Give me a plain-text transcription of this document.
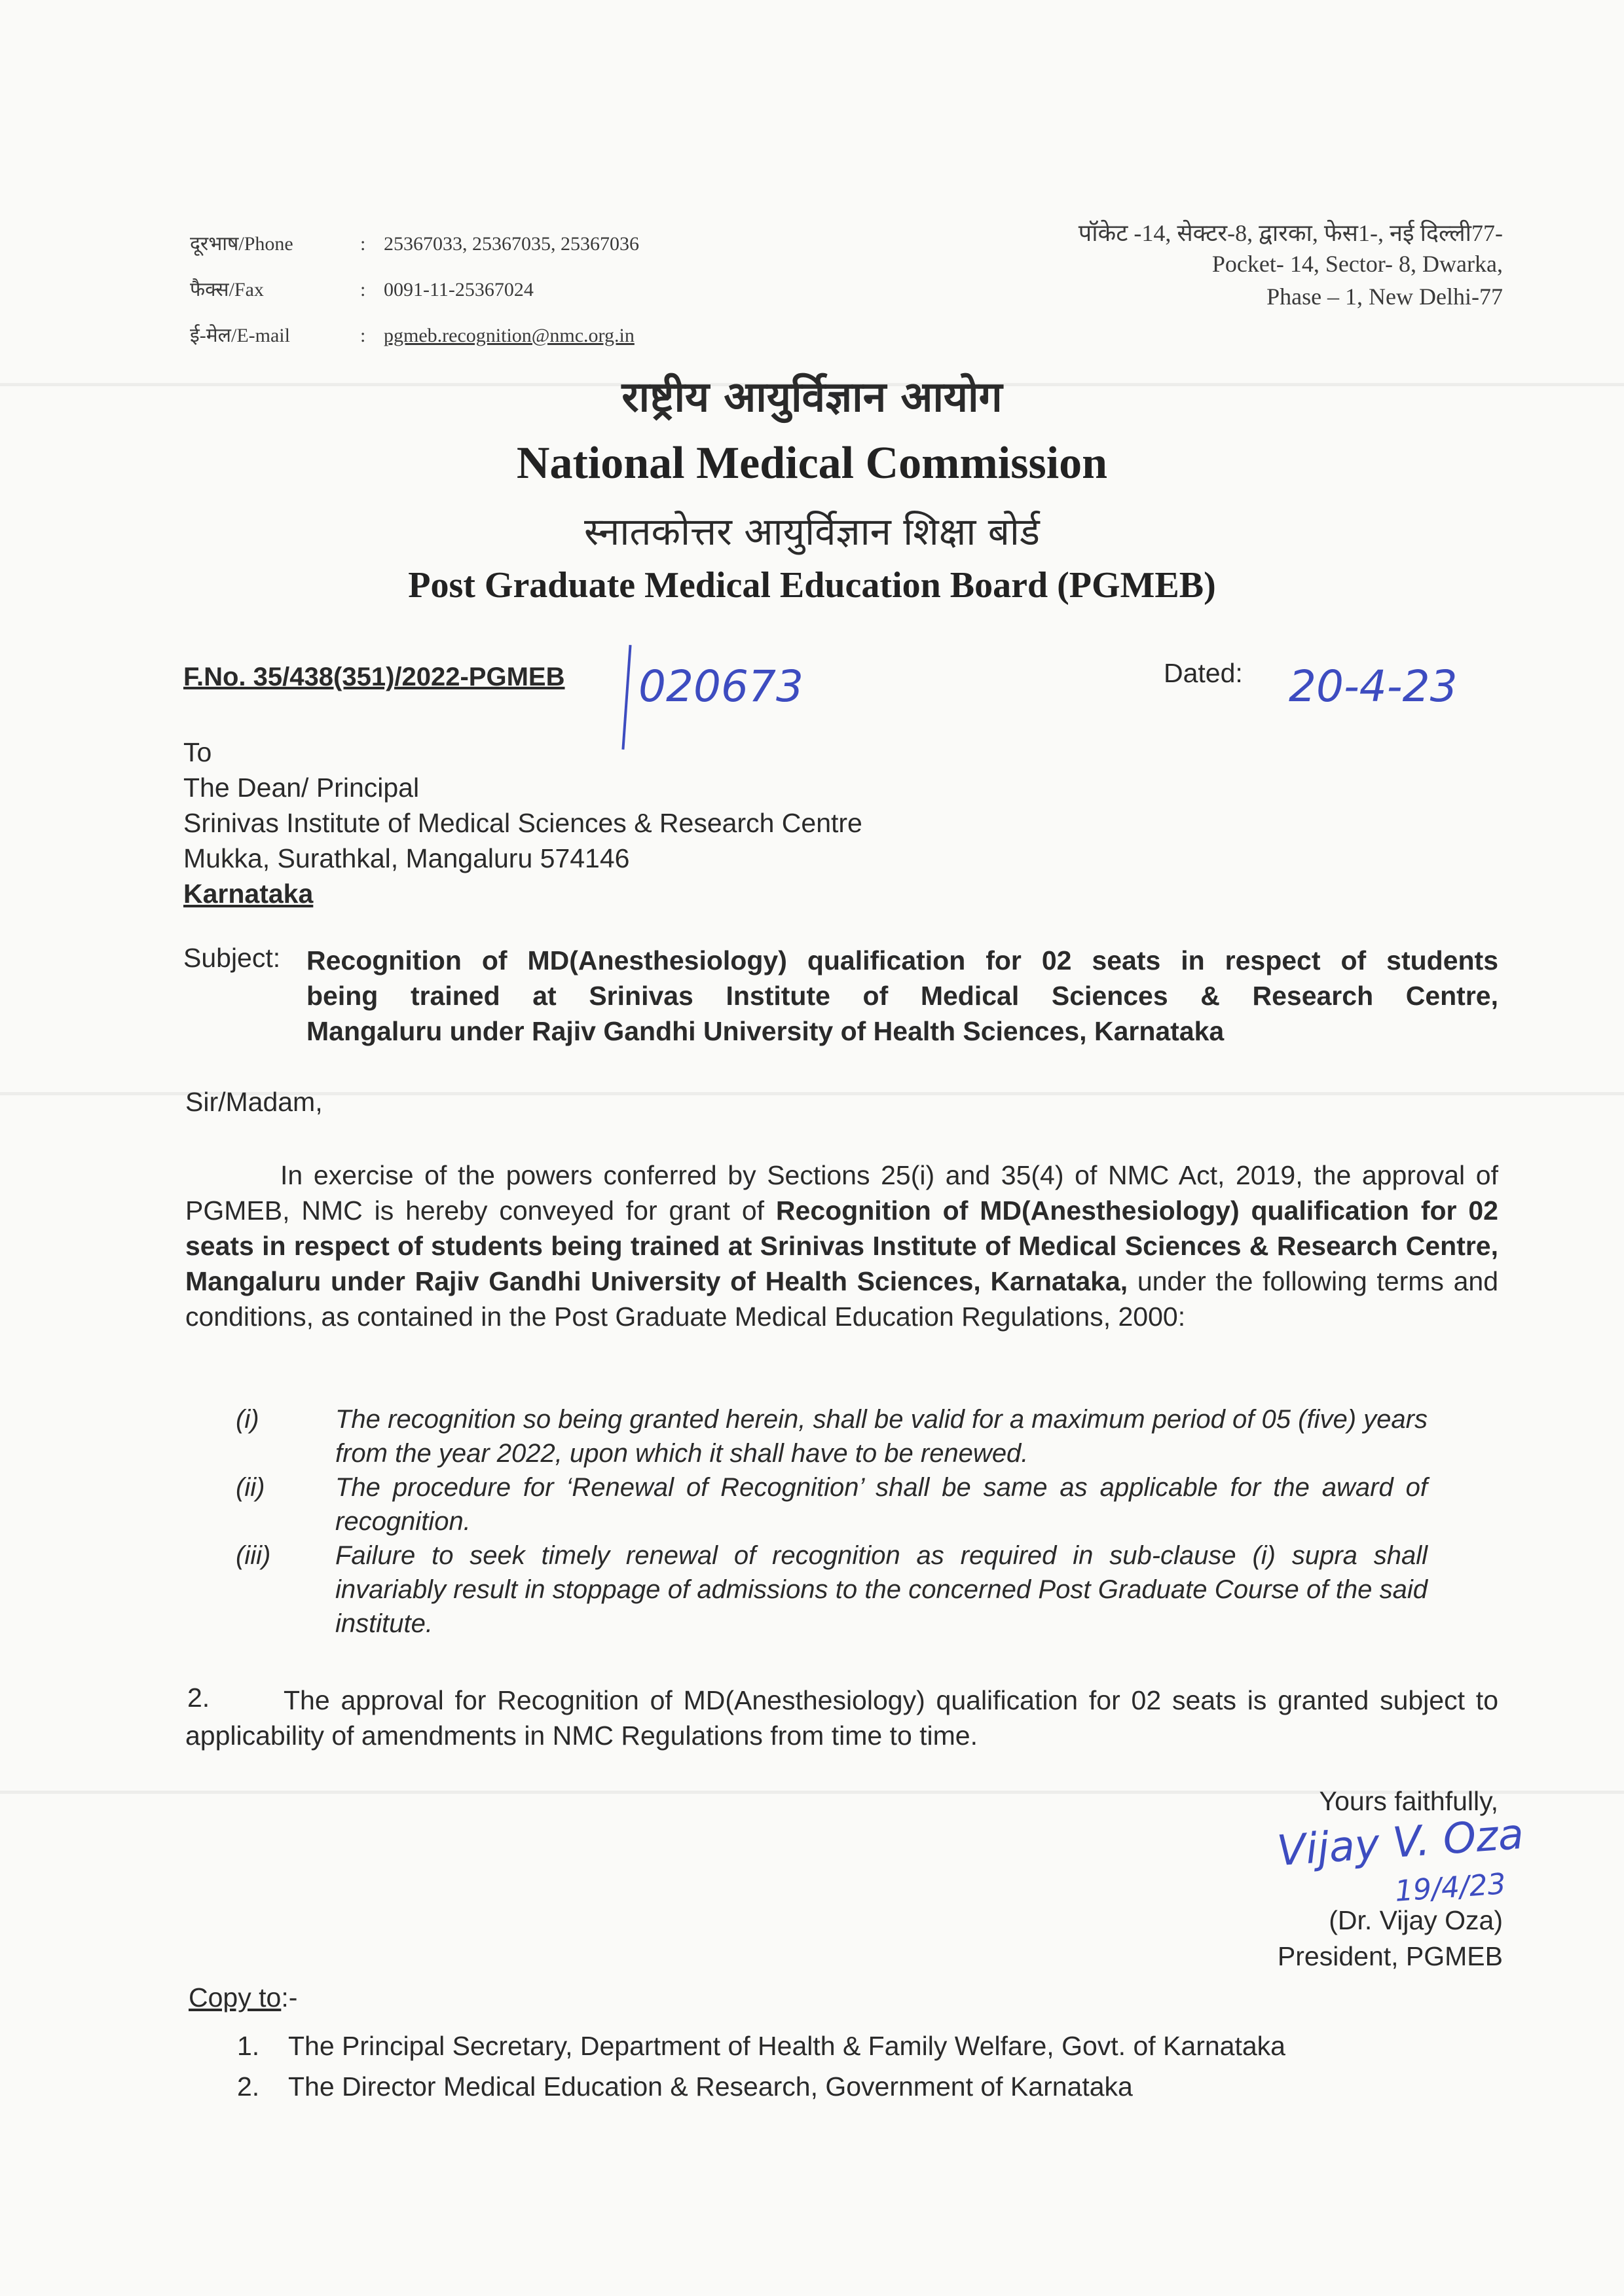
दूरभाष/Phone	: 25367033, 25367035, 25367036
फैक्स/Fax	: 0091-11-25367024
ई-मेल/E-mail	: pgmeb.recognition@nmc.org.in
पॉकेट -14, सेक्टर-8, द्वारका, फेस1-, नई दिल्ली77-
Pocket- 14, Sector- 8, Dwarka,
Phase – 1, New Delhi-77
राष्ट्रीय आयुर्विज्ञान आयोग
National Medical Commission
स्नातकोत्तर आयुर्विज्ञान शिक्षा बोर्ड
Post Graduate Medical Education Board (PGMEB)
F.No. 35/438(351)/2022-PGMEB 020673	Dated: 20-4-23
To
The Dean/ Principal
Srinivas Institute of Medical Sciences & Research Centre
Mukka, Surathkal, Mangaluru 574146
Karnataka
Subject: Recognition of MD(Anesthesiology) qualification for 02 seats in respect of students
being trained at Srinivas Institute of Medical Sciences & Research Centre,
Mangaluru under Rajiv Gandhi University of Health Sciences, Karnataka
Sir/Madam,
In exercise of the powers conferred by Sections 25(i) and 35(4) of NMC Act, 2019, the approval of PGMEB, NMC is hereby conveyed for grant of Recognition of MD(Anesthesiology) qualification for 02 seats in respect of students being trained at Srinivas Institute of Medical Sciences & Research Centre, Mangaluru under Rajiv Gandhi University of Health Sciences, Karnataka, under the following terms and conditions, as contained in the Post Graduate Medical Education Regulations, 2000:
(i)	The recognition so being granted herein, shall be valid for a maximum period of 05 (five) years from the year 2022, upon which it shall have to be renewed.
(ii)	The procedure for ‘Renewal of Recognition’ shall be same as applicable for the award of recognition.
(iii) Failure to seek timely renewal of recognition as required in sub-clause (i) supra shall invariably result in stoppage of admissions to the concerned Post Graduate Course of the said institute.
2.	The approval for Recognition of MD(Anesthesiology) qualification for 02 seats is granted subject to applicability of amendments in NMC Regulations from time to time.
Yours faithfully,
Vijay V. Oza
19/4/23
(Dr. Vijay Oza)
President, PGMEB
Copy to:-
1. The Principal Secretary, Department of Health & Family Welfare, Govt. of Karnataka
2. The Director Medical Education & Research, Government of Karnataka
